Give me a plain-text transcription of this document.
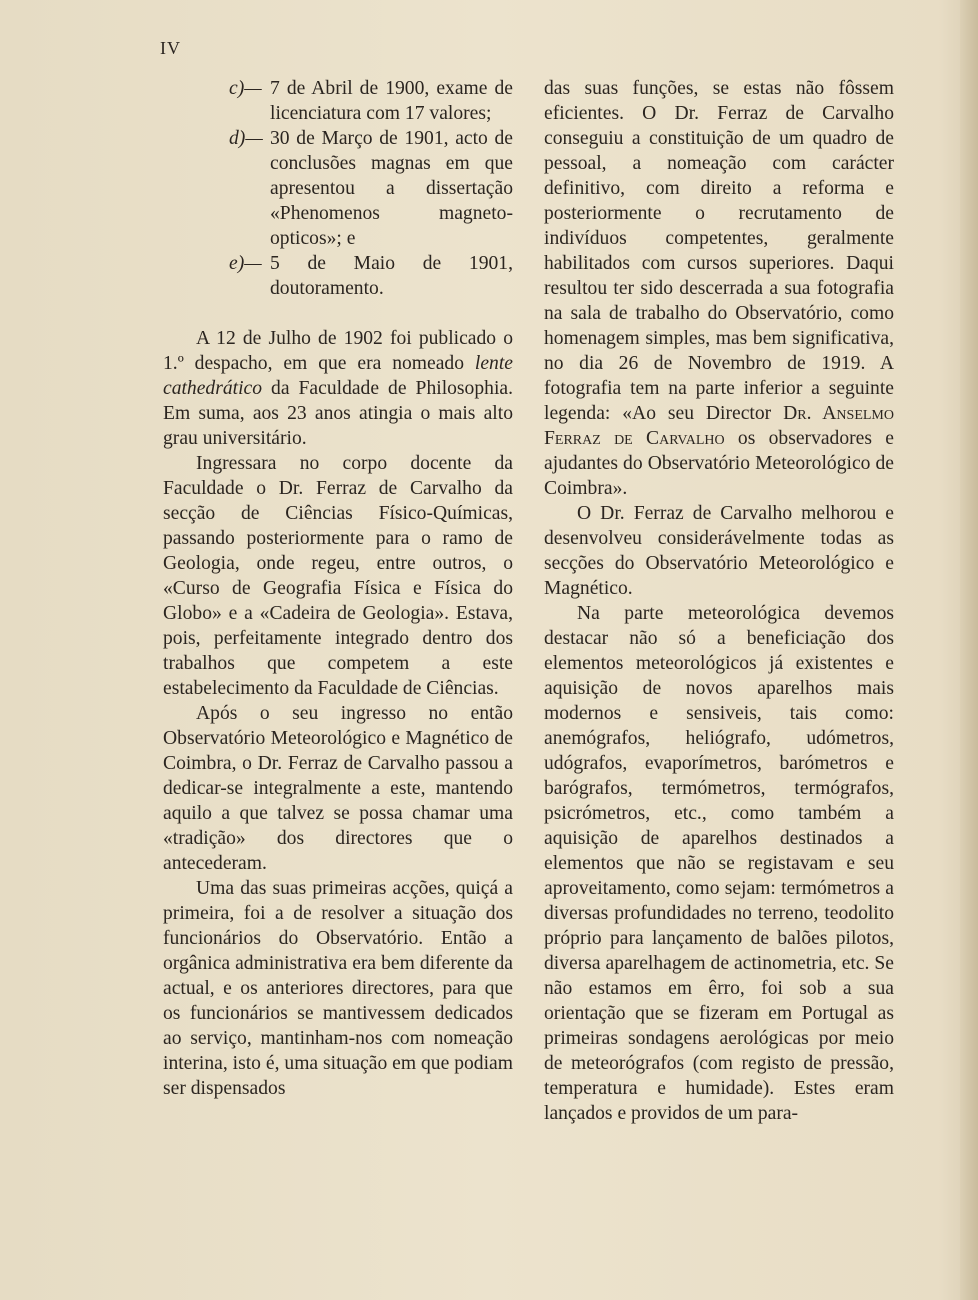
IV
c)— 7 de Abril de 1900, exame de licenciatura com 17 valores;
d)— 30 de Março de 1901, acto de conclusões magnas em que apresentou a dissertação «Phenomenos magneto-opticos»; e
e)— 5 de Maio de 1901, doutoramento.

A 12 de Julho de 1902 foi publicado o 1.º despacho, em que era nomeado lente cathedrático da Faculdade de Philosophia. Em suma, aos 23 anos atingia o mais alto grau universitário.

Ingressara no corpo docente da Faculdade o Dr. Ferraz de Carvalho da secção de Ciências Físico-Químicas, passando posteriormente para o ramo de Geologia, onde regeu, entre outros, o «Curso de Geografia Física e Física do Globo» e a «Cadeira de Geologia». Estava, pois, perfeitamente integrado dentro dos trabalhos que competem a este estabelecimento da Faculdade de Ciências.

Após o seu ingresso no então Observatório Meteorológico e Magnético de Coimbra, o Dr. Ferraz de Carvalho passou a dedicar-se integralmente a este, mantendo aquilo a que talvez se possa chamar uma «tradição» dos directores que o antecederam.

Uma das suas primeiras acções, quiçá a primeira, foi a de resolver a situação dos funcionários do Observatório. Então a orgânica administrativa era bem diferente da actual, e os anteriores directores, para que os funcionários se mantivessem dedicados ao serviço, mantinham-nos com nomeação interina, isto é, uma situação em que podiam ser dispensados

das suas funções, se estas não fôssem eficientes. O Dr. Ferraz de Carvalho conseguiu a constituição de um quadro de pessoal, a nomeação com carácter definitivo, com direito a reforma e posteriormente o recrutamento de indivíduos competentes, geralmente habilitados com cursos superiores. Daqui resultou ter sido descerrada a sua fotografia na sala de trabalho do Observatório, como homenagem simples, mas bem significativa, no dia 26 de Novembro de 1919. A fotografia tem na parte inferior a seguinte legenda: «Ao seu Director Dr. Anselmo Ferraz de Carvalho os observadores e ajudantes do Observatório Meteorológico de Coimbra».

O Dr. Ferraz de Carvalho melhorou e desenvolveu considerávelmente todas as secções do Observatório Meteorológico e Magnético.

Na parte meteorológica devemos destacar não só a beneficiação dos elementos meteorológicos já existentes e aquisição de novos aparelhos mais modernos e sensiveis, tais como: anemógrafos, heliógrafo, udómetros, udógrafos, evaporímetros, barómetros e barógrafos, termómetros, termógrafos, psicrómetros, etc., como também a aquisição de aparelhos destinados a elementos que não se registavam e seu aproveitamento, como sejam: termómetros a diversas profundidades no terreno, teodolito próprio para lançamento de balões pilotos, diversa aparelhagem de actinometria, etc. Se não estamos em êrro, foi sob a sua orientação que se fizeram em Portugal as primeiras sondagens aerológicas por meio de meteorógrafos (com registo de pressão, temperatura e humidade). Estes eram lançados e providos de um para-
